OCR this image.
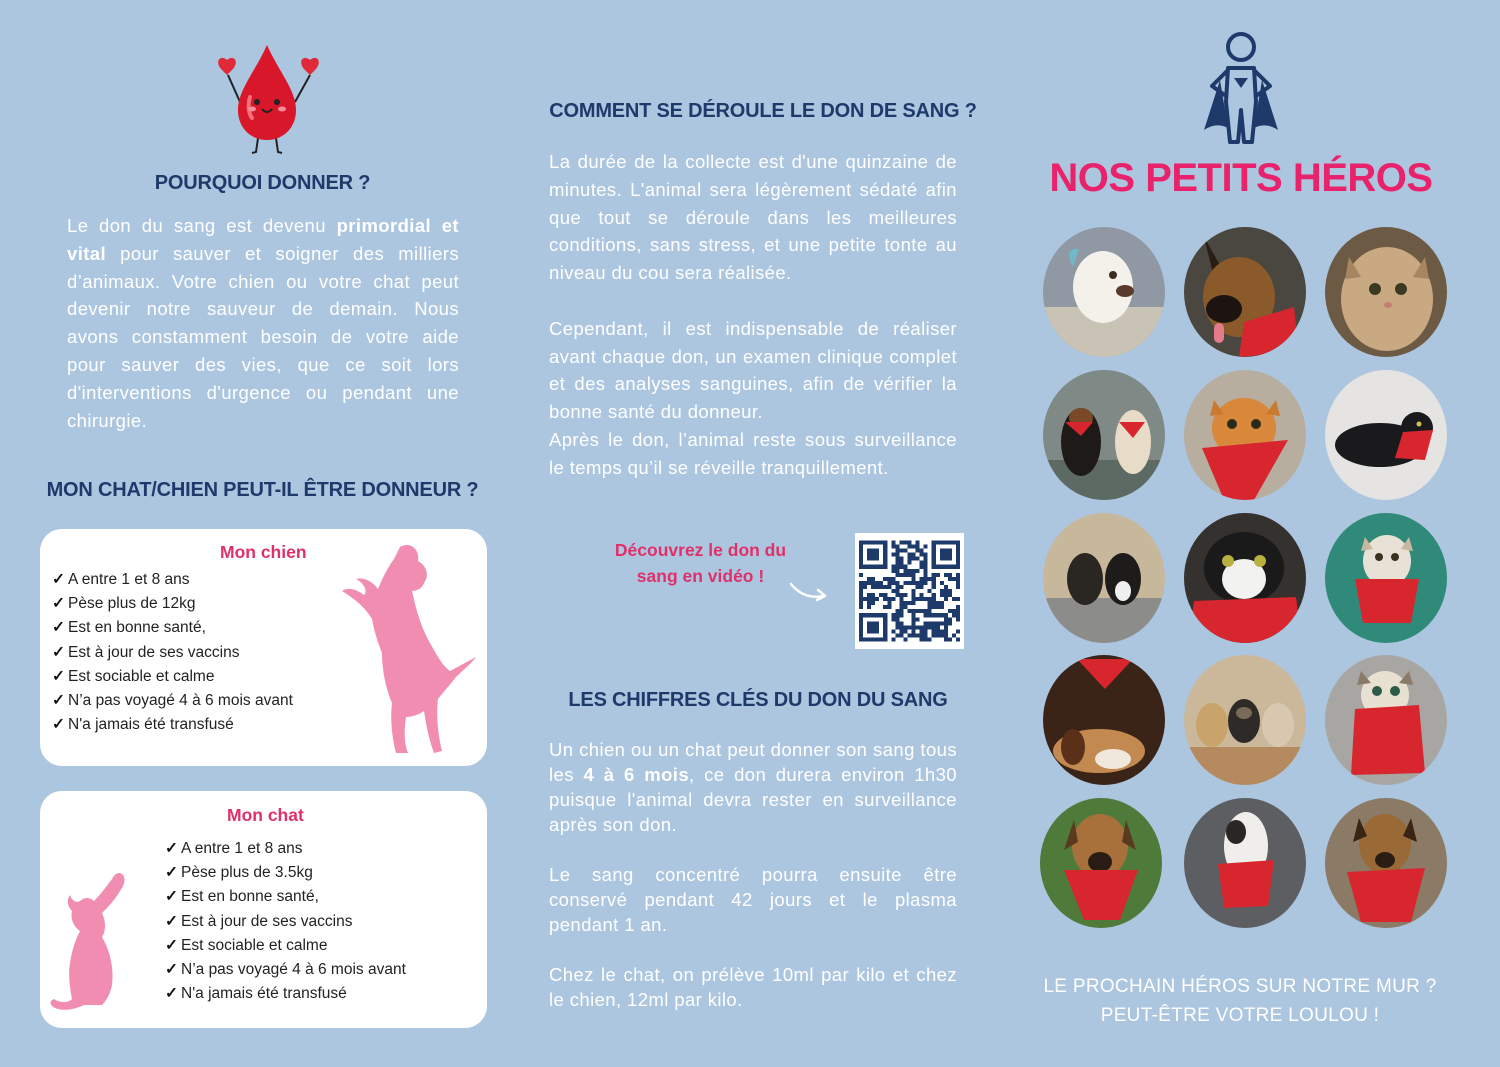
POURQUOI DONNER ?
Le don du sang est devenu primordial et vital pour sauver et soigner des milliers d’animaux. Votre chien ou votre chat peut devenir notre sauveur de demain. Nous avons constamment besoin de votre aide pour sauver des vies, que ce soit lors d'interventions d'urgence ou pendant une chirurgie.
MON CHAT/CHIEN PEUT-IL ÊTRE DONNEUR ?
Mon chien
✓ A entre 1 et 8 ans
✓ Pèse plus de 12kg
✓ Est en bonne santé,
✓ Est à jour de ses vaccins
✓ Est sociable et calme
✓ N’a pas voyagé 4 à 6 mois avant
✓ N'a jamais été transfusé
Mon chat
✓ A entre 1 et 8 ans
✓ Pèse plus de 3.5kg
✓ Est en bonne santé,
✓ Est à jour de ses vaccins
✓ Est sociable et calme
✓ N’a pas voyagé 4 à 6 mois avant
✓ N'a jamais été transfusé
COMMENT SE DÉROULE LE DON DE SANG ?
La durée de la collecte est d'une quinzaine de minutes. L'animal sera légèrement sédaté afin que tout se déroule dans les meilleures conditions, sans stress, et une petite tonte au niveau du cou sera réalisée.
Cependant, il est indispensable de réaliser avant chaque don, un examen clinique complet et des analyses sanguines, afin de vérifier la bonne santé du donneur.
Après le don, l’animal reste sous surveillance le temps qu’il se réveille tranquillement.
Découvrez le don du sang en vidéo !
LES CHIFFRES CLÉS DU DON DU SANG
Un chien ou un chat peut donner son sang tous les 4 à 6 mois, ce don durera environ 1h30 puisque l'animal devra rester en surveillance après son don.
Le sang concentré pourra ensuite être conservé pendant 42 jours et le plasma pendant 1 an.
Chez le chat, on prélève 10ml par kilo et chez le chien, 12ml par kilo.
NOS PETITS HÉROS
LE PROCHAIN HÉROS SUR NOTRE MUR ?
PEUT-ÊTRE VOTRE LOULOU !
